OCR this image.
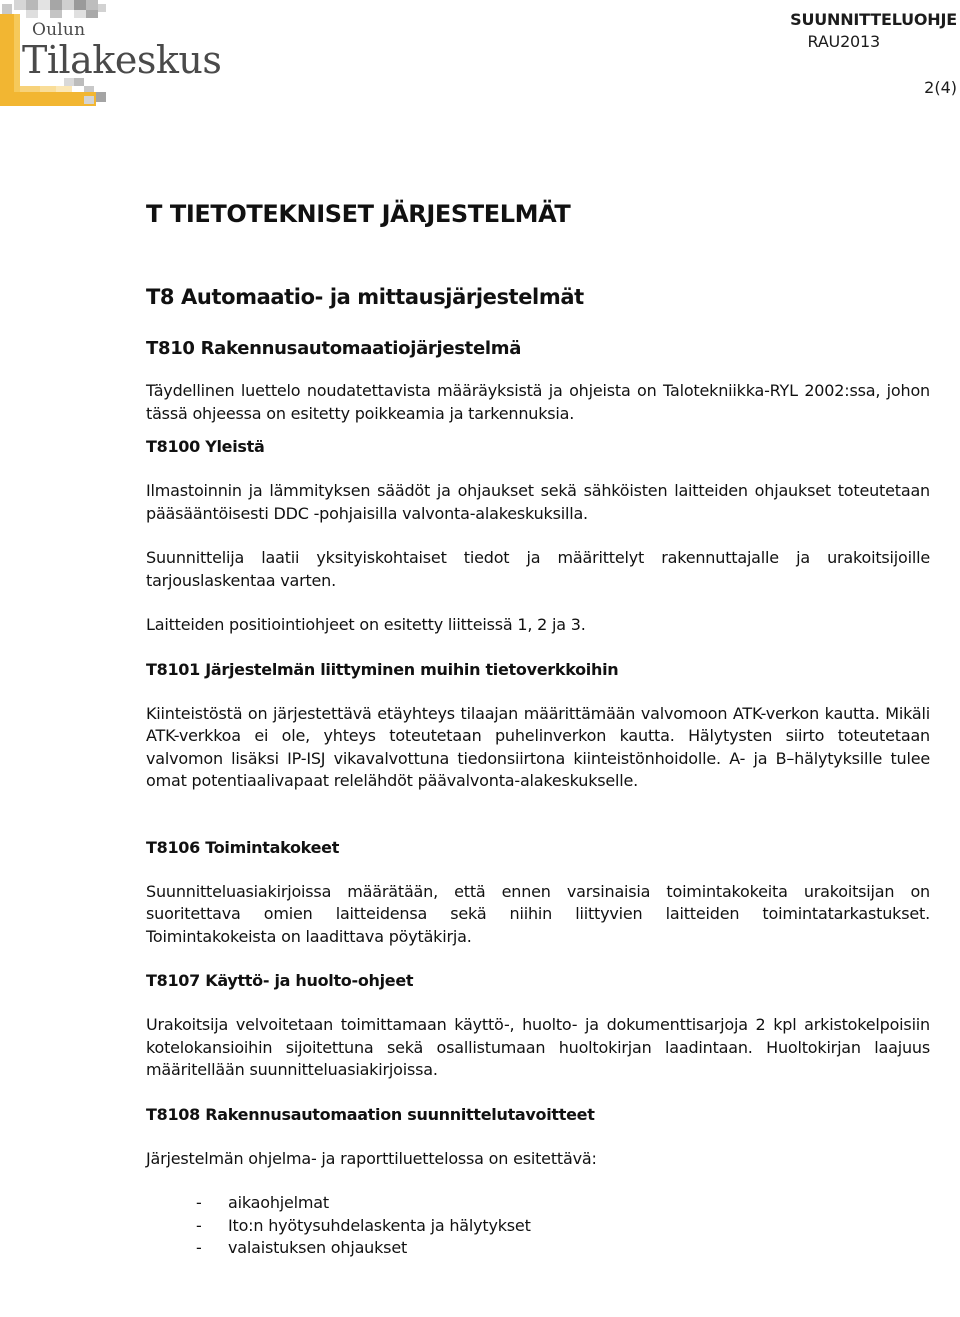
Oulun
Tilakeskus
SUUNNITTELUOHJE
RAU2013
2(4)
T TIETOTEKNISET JÄRJESTELMÄT
T8 Automaatio- ja mittausjärjestelmät
T810 Rakennusautomaatiojärjestelmä

Täydellinen luettelo noudatettavista määräyksistä ja ohjeista on Talotekniikka-RYL 2002:ssa, johon tässä ohjeessa on esitetty poikkeamia ja tarkennuksia.

T8100 Yleistä

Ilmastoinnin ja lämmityksen säädöt ja ohjaukset sekä sähköisten laitteiden ohjaukset toteutetaan pääsääntöisesti DDC -pohjaisilla valvonta-alakeskuksilla.

Suunnittelija laatii yksityiskohtaiset tiedot ja määrittelyt rakennuttajalle ja urakoitsijoille tarjouslaskentaa varten.

Laitteiden positiointiohjeet on esitetty liitteissä 1, 2 ja 3.

T8101 Järjestelmän liittyminen muihin tietoverkkoihin

Kiinteistöstä on järjestettävä etäyhteys tilaajan määrittämään valvomoon ATK-verkon kautta. Mikäli ATK-verkkoa ei ole, yhteys toteutetaan puhelinverkon kautta. Hälytysten siirto toteutetaan valvomon lisäksi IP-ISJ vikavalvottuna tiedonsiirtona kiinteistönhoidolle. A- ja B–hälytyksille tulee omat potentiaalivapaat relelähdöt päävalvonta-alakeskukselle.

T8106 Toimintakokeet

Suunnitteluasiakirjoissa määrätään, että ennen varsinaisia toimintakokeita urakoitsijan on suoritettava omien laitteidensa sekä niihin liittyvien laitteiden toimintatarkastukset. Toimintakokeista on laadittava pöytäkirja.

T8107 Käyttö- ja huolto-ohjeet

Urakoitsija velvoitetaan toimittamaan käyttö-, huolto- ja dokumenttisarjoja 2 kpl arkistokelpoisiin kotelokansioihin sijoitettuna sekä osallistumaan huoltokirjan laadintaan. Huoltokirjan laajuus määritellään suunnitteluasiakirjoissa.

T8108 Rakennusautomaation suunnittelutavoitteet

Järjestelmän ohjelma- ja raporttiluettelossa on esitettävä:

- aikaohjelmat
- Ito:n hyötysuhdelaskenta ja hälytykset
- valaistuksen ohjaukset
